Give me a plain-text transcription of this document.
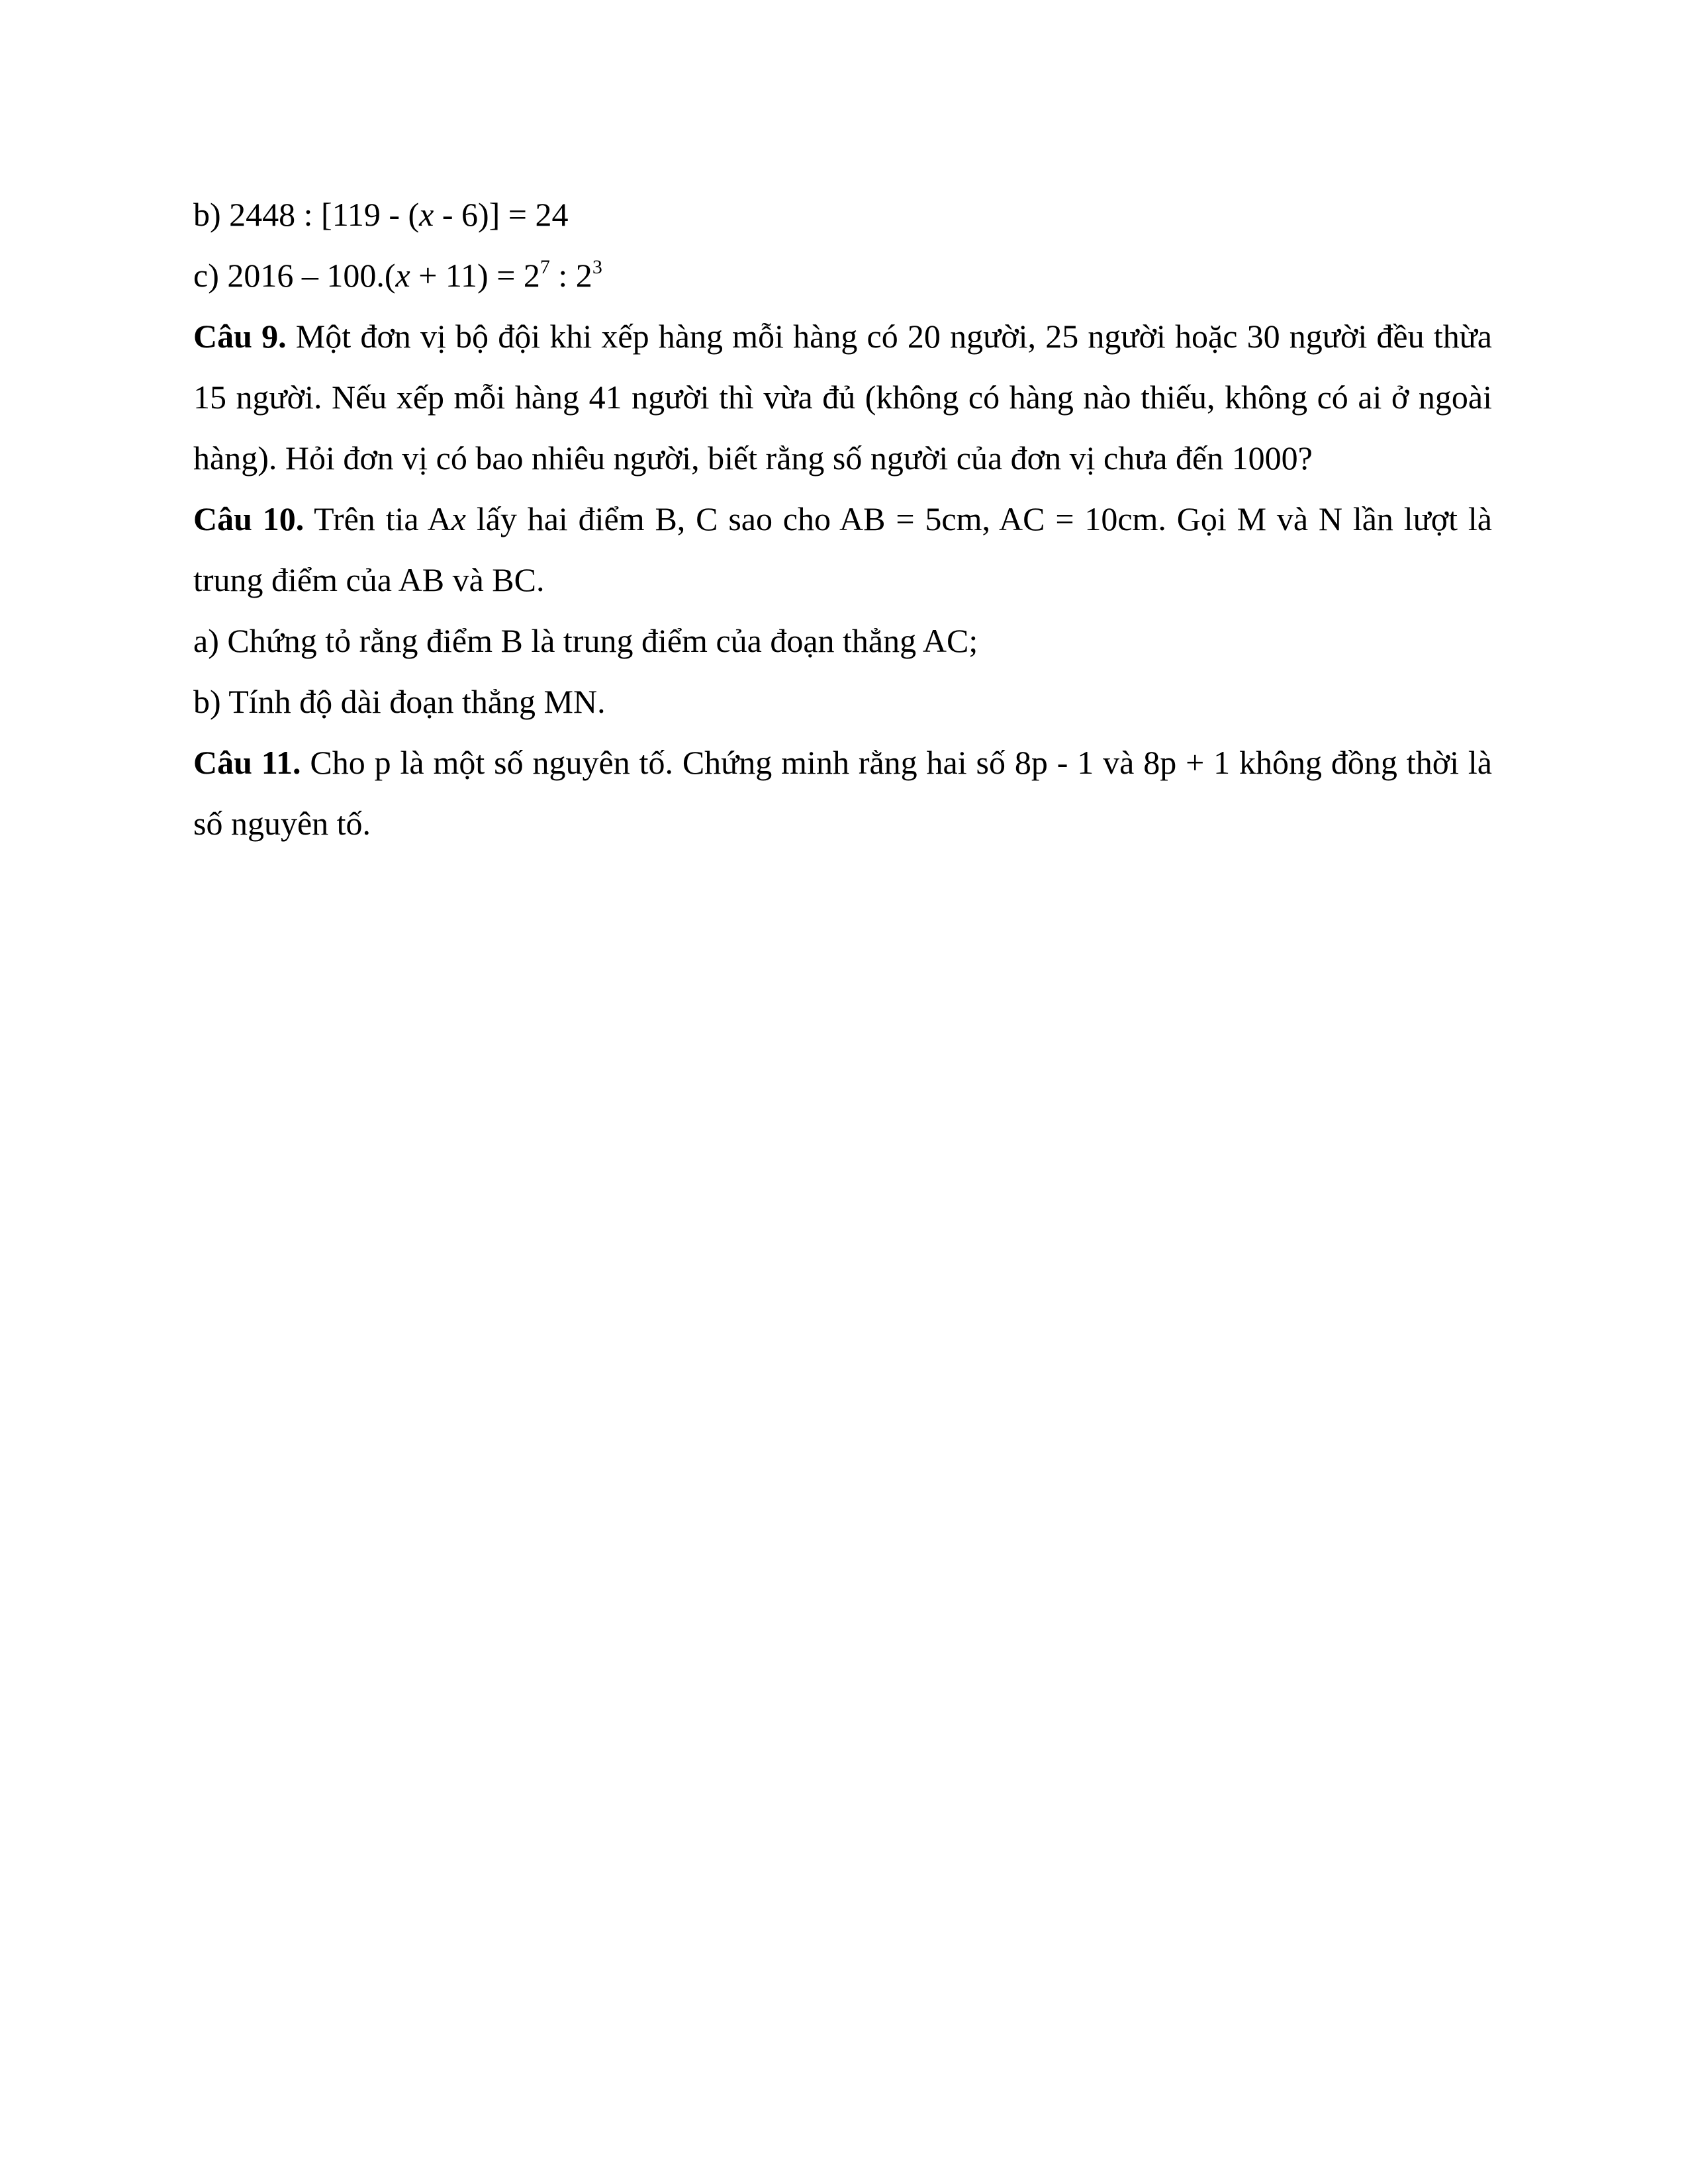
b) 2448 : [119 - (x - 6)] = 24

c) $2016 - 100.(x + 11) = 2^7$ : $2^3$

Câu 9. Một đơn vị bộ đội khi xếp hàng mỗi hàng có 20 người, 25 người hoặc 30 người đều thừa 15 người. Nếu xếp mỗi hàng 41 người thì vừa đủ (không có hàng nào thiếu, không có ai ở ngoài hàng). Hỏi đơn vị có bao nhiêu người, biết rằng số người của đơn vị chưa đến 1000?

Câu 10. Trên tia Ax lấy hai điểm B, C sao cho AB = 5cm, AC = 10cm. Gọi M và N lần lượt là trung điểm của AB và BC.

a) Chứng tỏ rằng điểm B là trung điểm của đoạn thẳng AC;

b) Tính độ dài đoạn thẳng MN.

Câu 11. Cho p là một số nguyên tố. Chứng minh rằng hai số 8p - 1 và 8p + 1 không đồng thời là số nguyên tố.
